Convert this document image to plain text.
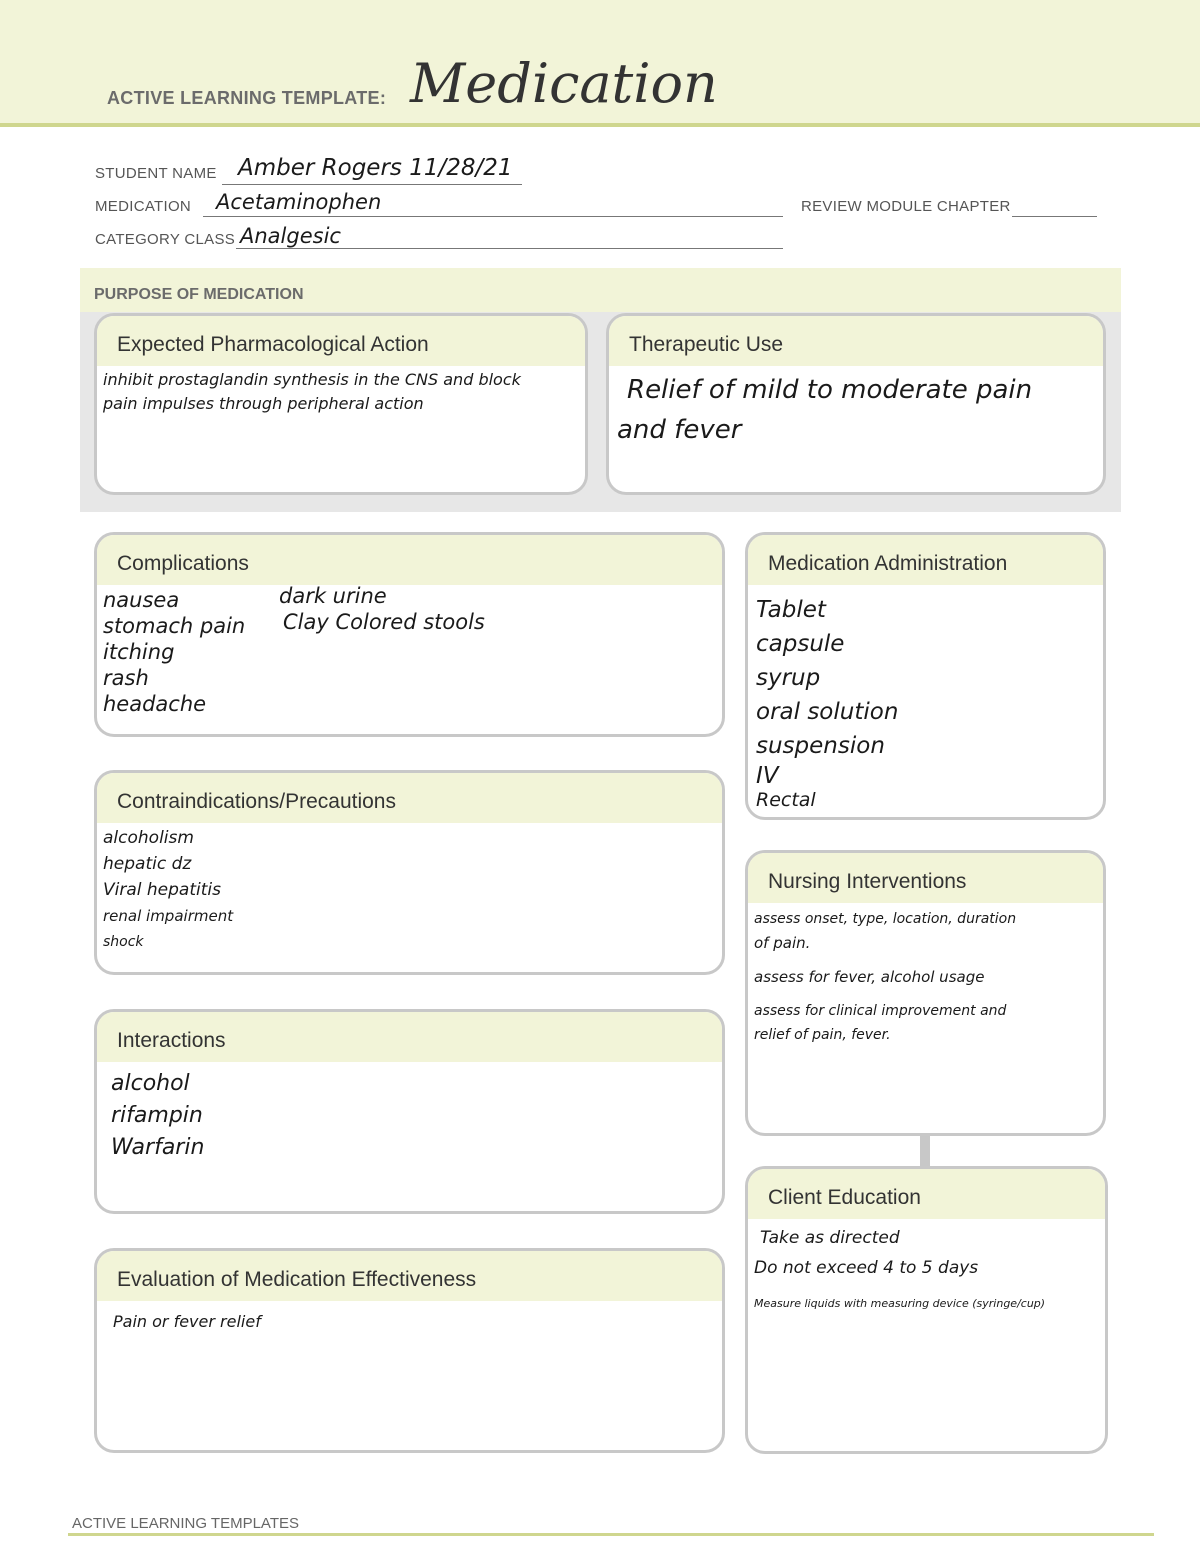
ACTIVE LEARNING TEMPLATE: Medication
STUDENT NAME Amber Rogers 11/28/21
MEDICATION Acetaminophen	REVIEW MODULE CHAPTER
CATEGORY CLASS Analgesic
PURPOSE OF MEDICATION
Expected Pharmacological Action
inhibit prostaglandin synthesis in the CNS and block
pain impulses through peripheral action
Therapeutic Use
Relief of mild to moderate pain
and fever
Complications
nausea
stomach pain
itching
rash
headache
dark urine
Clay Colored stools
Contraindications/Precautions
alcoholism
hepatic dz
Viral hepatitis
renal impairment
shock
Interactions
alcohol
rifampin
Warfarin
Evaluation of Medication Effectiveness
Pain or fever relief
Medication Administration
Tablet
capsule
syrup
oral solution
suspension
IV
Rectal
Nursing Interventions
assess onset, type, location, duration
of pain.
assess for fever, alcohol usage
assess for clinical improvement and
relief of pain, fever.
Client Education
Take as directed
Do not exceed 4 to 5 days
Measure liquids with measuring device (syringe/cup)
ACTIVE LEARNING TEMPLATES
